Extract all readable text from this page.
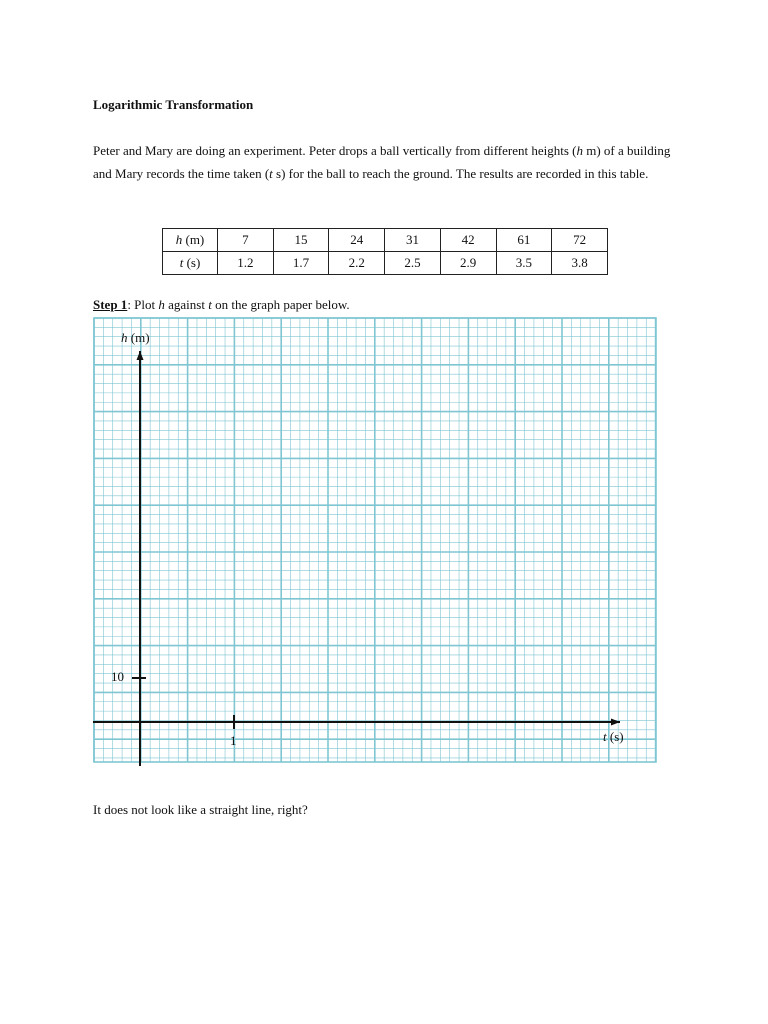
Logarithmic Transformation

Peter and Mary are doing an experiment. Peter drops a ball vertically from different heights (h m) of a building and Mary records the time taken (t s) for the ball to reach the ground. The results are recorded in this table.

h (m)	7	15	24	31	42	61	72
t (s)	1.2	1.7	2.2	2.5	2.9	3.5	3.8

Step 1: Plot h against t on the graph paper below.

h (m)
t (s)
10
1

It does not look like a straight line, right?
